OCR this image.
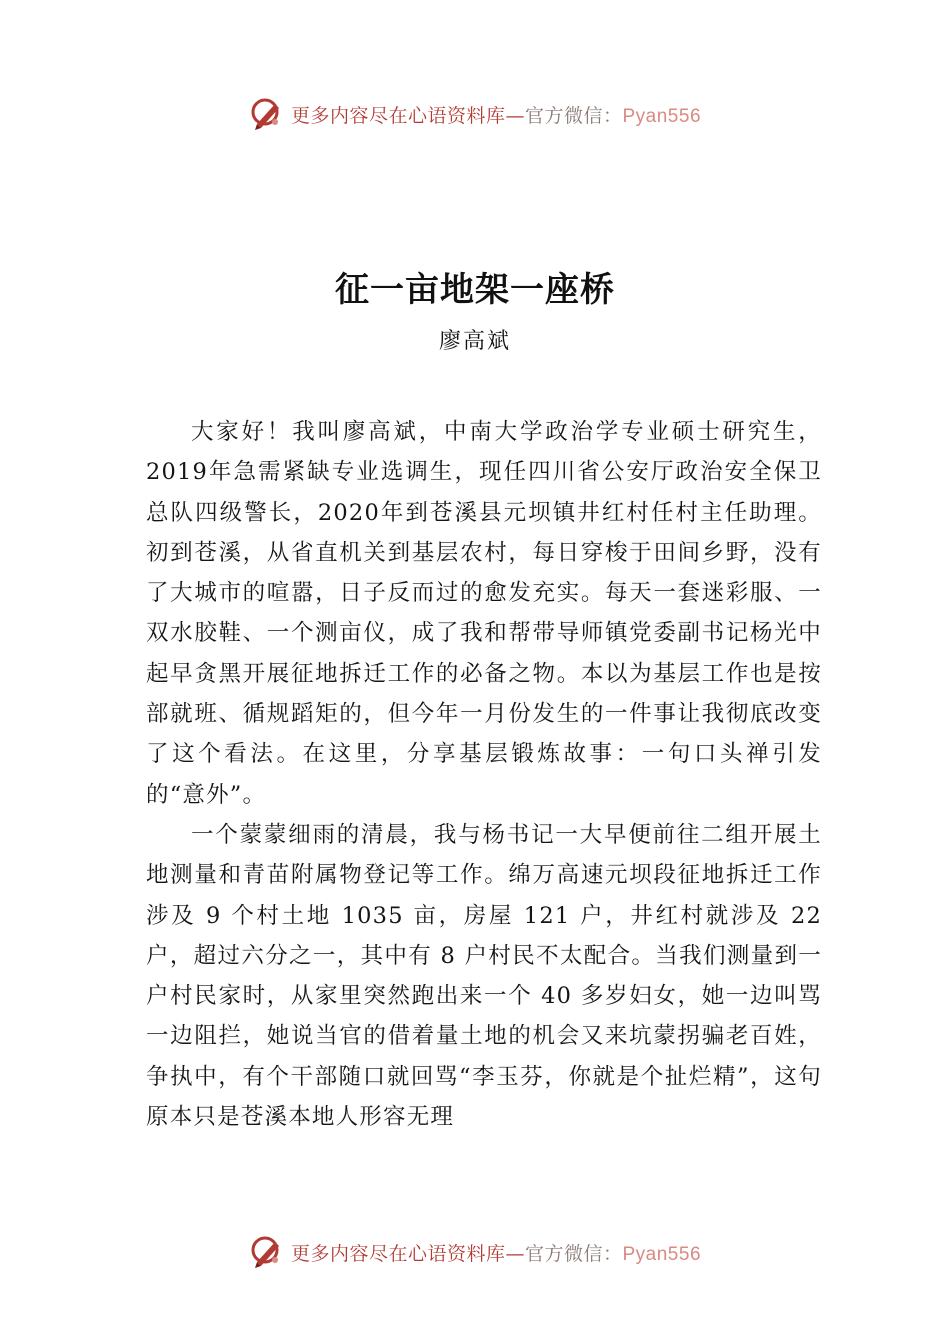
更多内容尽在心语资料库—官方微信：Pyan556
征一亩地架一座桥
廖高斌

大家好！我叫廖高斌，中南大学政治学专业硕士研究生，2019年急需紧缺专业选调生，现任四川省公安厅政治安全保卫总队四级警长，2020年到苍溪县元坝镇井红村任村主任助理。初到苍溪，从省直机关到基层农村，每日穿梭于田间乡野，没有了大城市的喧嚣，日子反而过的愈发充实。每天一套迷彩服、一双水胶鞋、一个测亩仪，成了我和帮带导师镇党委副书记杨光中起早贪黑开展征地拆迁工作的必备之物。本以为基层工作也是按部就班、循规蹈矩的，但今年一月份发生的一件事让我彻底改变了这个看法。在这里，分享基层锻炼故事：一句口头禅引发的“意外”。

一个蒙蒙细雨的清晨，我与杨书记一大早便前往二组开展土地测量和青苗附属物登记等工作。绵万高速元坝段征地拆迁工作涉及 9 个村土地 1035 亩，房屋 121 户，井红村就涉及 22 户，超过六分之一，其中有 8 户村民不太配合。当我们测量到一户村民家时，从家里突然跑出来一个 40 多岁妇女，她一边叫骂一边阻拦，她说当官的借着量土地的机会又来坑蒙拐骗老百姓，争执中，有个干部随口就回骂“李玉芬，你就是个扯烂精”，这句原本只是苍溪本地人形容无理

更多内容尽在心语资料库—官方微信：Pyan556
